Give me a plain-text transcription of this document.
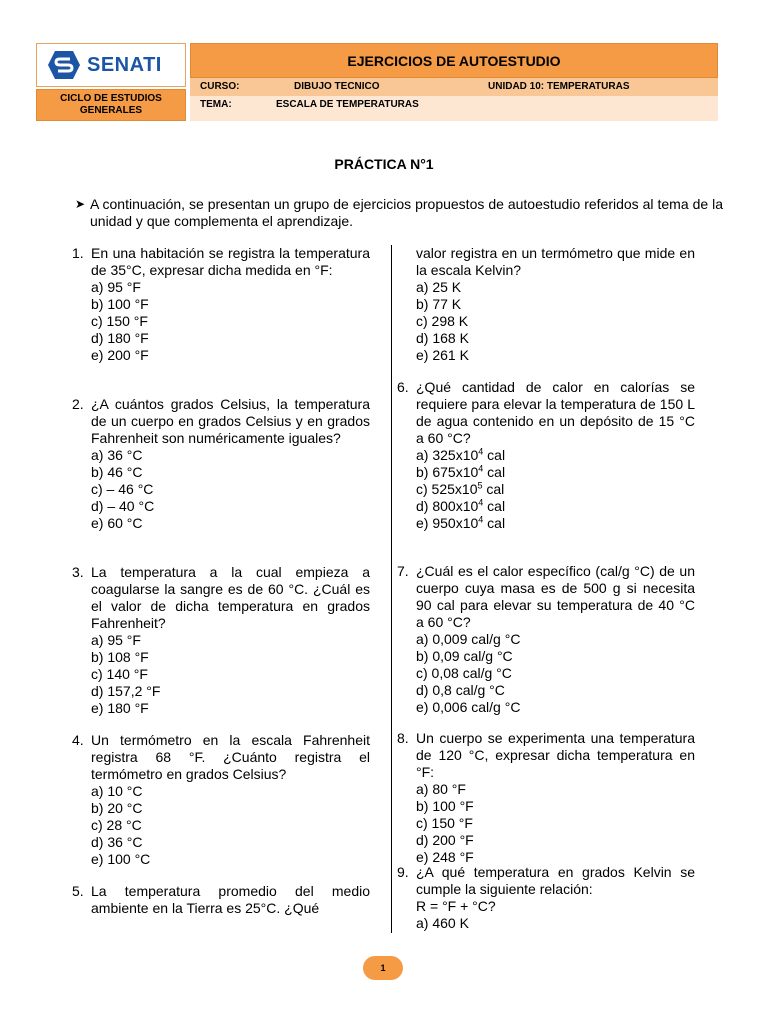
SENATI	EJERCICIOS DE AUTOESTUDIO
CICLO DE ESTUDIOS GENERALES
CURSO:	DIBUJO TECNICO	UNIDAD 10: TEMPERATURAS
TEMA:	ESCALA DE TEMPERATURAS
PRÁCTICA N°1
➤ A continuación, se presentan un grupo de ejercicios propuestos de autoestudio referidos al tema de la unidad y que complementa el aprendizaje.
1. En una habitación se registra la temperatura de 35°C, expresar dicha medida en °F:
a) 95 °F
b) 100 °F
c) 150 °F
d) 180 °F
e) 200 °F
2. ¿A cuántos grados Celsius, la temperatura de un cuerpo en grados Celsius y en grados Fahrenheit son numéricamente iguales?
a) 36 °C
b) 46 °C
c) – 46 °C
d) – 40 °C
e) 60 °C
3. La temperatura a la cual empieza a coagularse la sangre es de 60 °C. ¿Cuál es el valor de dicha temperatura en grados Fahrenheit?
a) 95 °F
b) 108 °F
c) 140 °F
d) 157,2 °F
e) 180 °F
4. Un termómetro en la escala Fahrenheit registra 68 °F. ¿Cuánto registra el termómetro en grados Celsius?
a) 10 °C
b) 20 °C
c) 28 °C
d) 36 °C
e) 100 °C
5. La temperatura promedio del medio ambiente en la Tierra es 25°C. ¿Qué
valor registra en un termómetro que mide en la escala Kelvin?
a) 25 K
b) 77 K
c) 298 K
d) 168 K
e) 261 K
6. ¿Qué cantidad de calor en calorías se requiere para elevar la temperatura de 150 L de agua contenido en un depósito de 15 °C a 60 °C?
a) $325x10^4$ cal
b) $675x10^4$ cal
c) $525x10^5$ cal
d) $800x10^4$ cal
e) $950x10^4$ cal
7. ¿Cuál es el calor específico (cal/g °C) de un cuerpo cuya masa es de 500 g si necesita 90 cal para elevar su temperatura de 40 °C a 60 °C?
a) 0,009 cal/g °C
b) 0,09 cal/g °C
c) 0,08 cal/g °C
d) 0,8 cal/g °C
e) 0,006 cal/g °C
8. Un cuerpo se experimenta una temperatura de 120 °C, expresar dicha temperatura en °F:
a) 80 °F
b) 100 °F
c) 150 °F
d) 200 °F
e) 248 °F
9. ¿A qué temperatura en grados Kelvin se cumple la siguiente relación:
R = °F + °C?
a) 460 K
1
